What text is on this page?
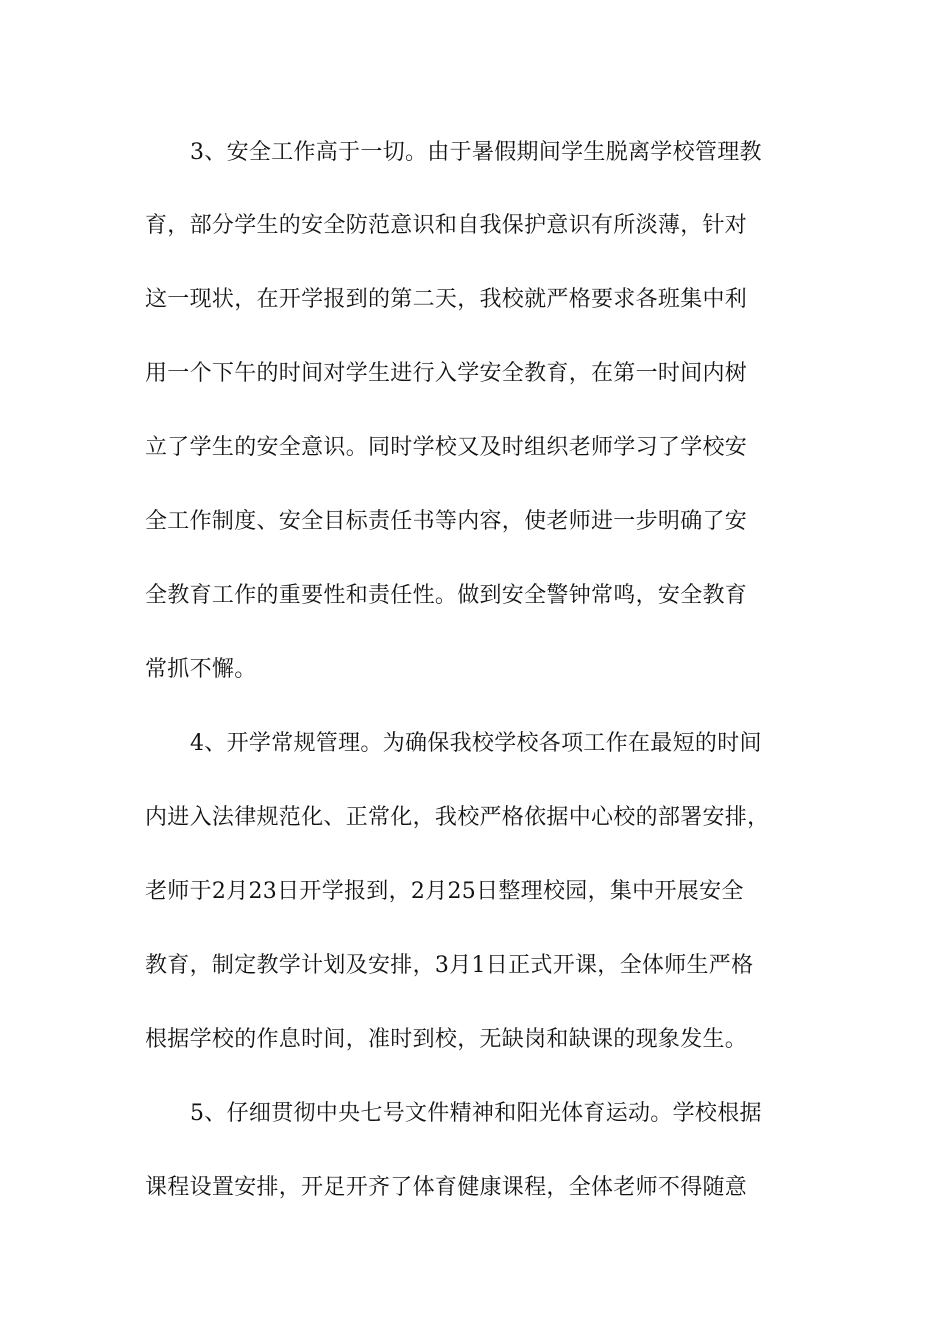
3、安全工作高于一切。由于暑假期间学生脱离学校管理教
育，部分学生的安全防范意识和自我保护意识有所淡薄，针对
这一现状，在开学报到的第二天，我校就严格要求各班集中利
用一个下午的时间对学生进行入学安全教育，在第一时间内树
立了学生的安全意识。同时学校又及时组织老师学习了学校安
全工作制度、安全目标责任书等内容，使老师进一步明确了安
全教育工作的重要性和责任性。做到安全警钟常鸣，安全教育
常抓不懈。
4、开学常规管理。为确保我校学校各项工作在最短的时间
内进入法律规范化、正常化，我校严格依据中心校的部署安排，
老师于2月23日开学报到，2月25日整理校园，集中开展安全
教育，制定教学计划及安排，3月1日正式开课，全体师生严格
根据学校的作息时间，准时到校，无缺岗和缺课的现象发生。
5、仔细贯彻中央七号文件精神和阳光体育运动。学校根据
课程设置安排，开足开齐了体育健康课程，全体老师不得随意
